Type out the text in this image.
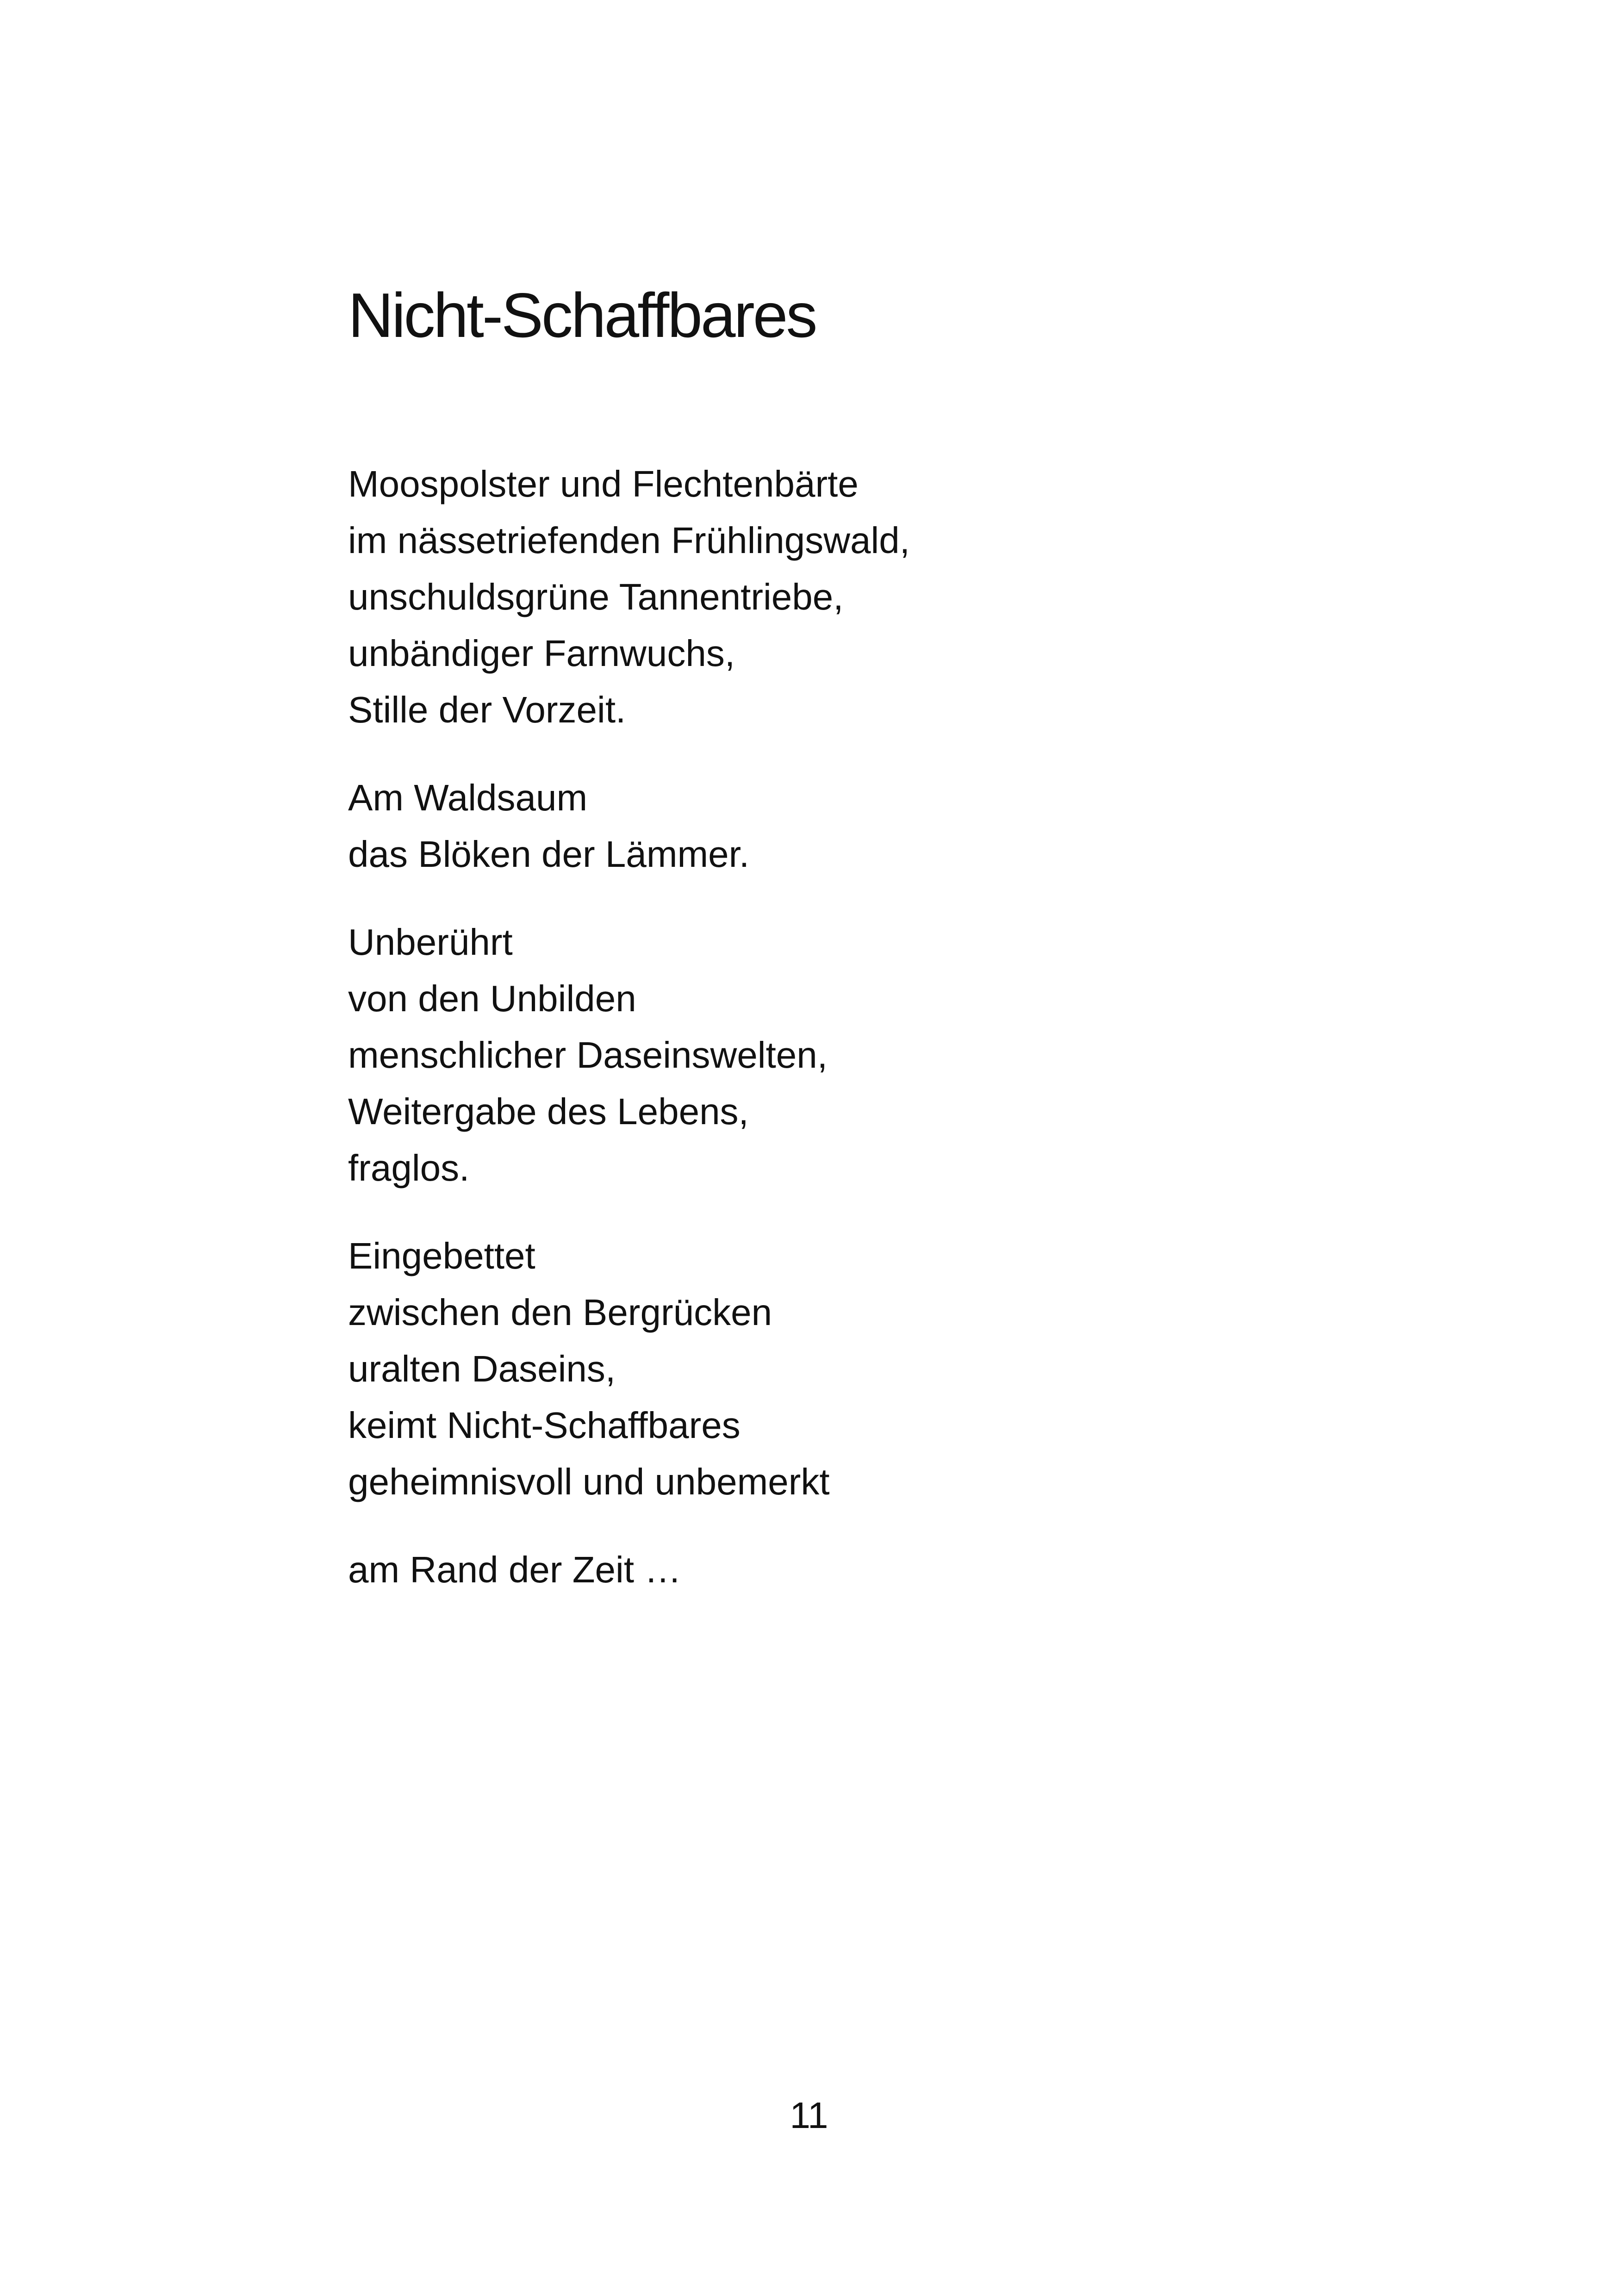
Nicht-Schaffbares
Moospolster und Flechtenbärte
im nässetriefenden Frühlingswald,
unschuldsgrüne Tannentriebe,
unbändiger Farnwuchs,
Stille der Vorzeit.
Am Waldsaum
das Blöken der Lämmer.
Unberührt
von den Unbilden
menschlicher Daseinswelten,
Weitergabe des Lebens,
fraglos.
Eingebettet
zwischen den Bergrücken
uralten Daseins,
keimt Nicht-Schaffbares
geheimnisvoll und unbemerkt
am Rand der Zeit …

11
